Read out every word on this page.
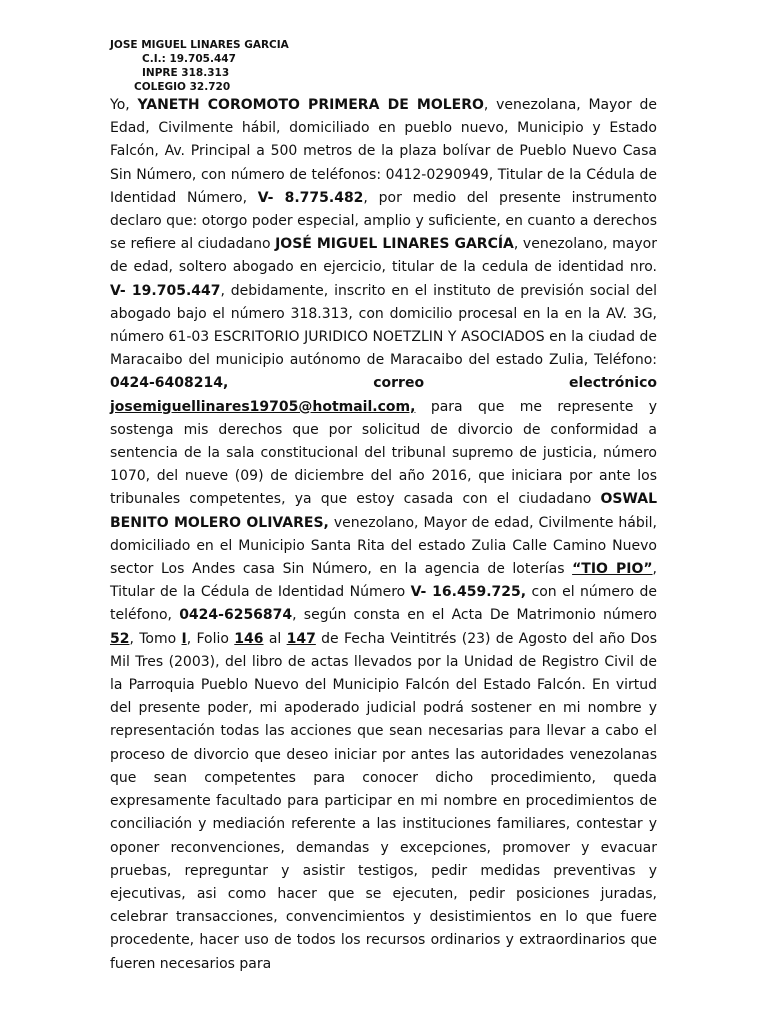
JOSE MIGUEL LINARES GARCIA
C.I.: 19.705.447
INPRE 318.313
COLEGIO 32.720
Yo, YANETH COROMOTO PRIMERA DE MOLERO, venezolana, Mayor de Edad, Civilmente hábil, domiciliado en pueblo nuevo, Municipio y Estado Falcón, Av. Principal a 500 metros de la plaza bolívar de Pueblo Nuevo Casa Sin Número, con número de teléfonos: 0412-0290949, Titular de la Cédula de Identidad Número, V- 8.775.482, por medio del presente instrumento declaro que: otorgo poder especial, amplio y suficiente, en cuanto a derechos se refiere al ciudadano JOSÉ MIGUEL LINARES GARCÍA, venezolano, mayor de edad, soltero abogado en ejercicio, titular de la cedula de identidad nro. V- 19.705.447, debidamente, inscrito en el instituto de previsión social del abogado bajo el número 318.313, con domicilio procesal en la en la AV. 3G, número 61-03 ESCRITORIO JURIDICO NOETZLIN Y ASOCIADOS en la ciudad de Maracaibo del municipio autónomo de Maracaibo del estado Zulia, Teléfono: 0424-6408214, correo electrónico josemiguellinares19705@hotmail.com, para que me represente y sostenga mis derechos que por solicitud de divorcio de conformidad a sentencia de la sala constitucional del tribunal supremo de justicia, número 1070, del nueve (09) de diciembre del año 2016, que iniciara por ante los tribunales competentes, ya que estoy casada con el ciudadano OSWAL BENITO MOLERO OLIVARES, venezolano, Mayor de edad, Civilmente hábil, domiciliado en el Municipio Santa Rita del estado Zulia Calle Camino Nuevo sector Los Andes casa Sin Número, en la agencia de loterías “TIO PIO”, Titular de la Cédula de Identidad Número V- 16.459.725, con el número de teléfono, 0424-6256874, según consta en el Acta De Matrimonio número 52, Tomo I, Folio 146 al 147 de Fecha Veintitrés (23) de Agosto del año Dos Mil Tres (2003), del libro de actas llevados por la Unidad de Registro Civil de la Parroquia Pueblo Nuevo del Municipio Falcón del Estado Falcón. En virtud del presente poder, mi apoderado judicial podrá sostener en mi nombre y representación todas las acciones que sean necesarias para llevar a cabo el proceso de divorcio que deseo iniciar por antes las autoridades venezolanas que sean competentes para conocer dicho procedimiento, queda expresamente facultado para participar en mi nombre en procedimientos de conciliación y mediación referente a las instituciones familiares, contestar y oponer reconvenciones, demandas y excepciones, promover y evacuar pruebas, repreguntar y asistir testigos, pedir medidas preventivas y ejecutivas, asi como hacer que se ejecuten, pedir posiciones juradas, celebrar transacciones, convencimientos y desistimientos en lo que fuere procedente, hacer uso de todos los recursos ordinarios y extraordinarios que fueren necesarios para
